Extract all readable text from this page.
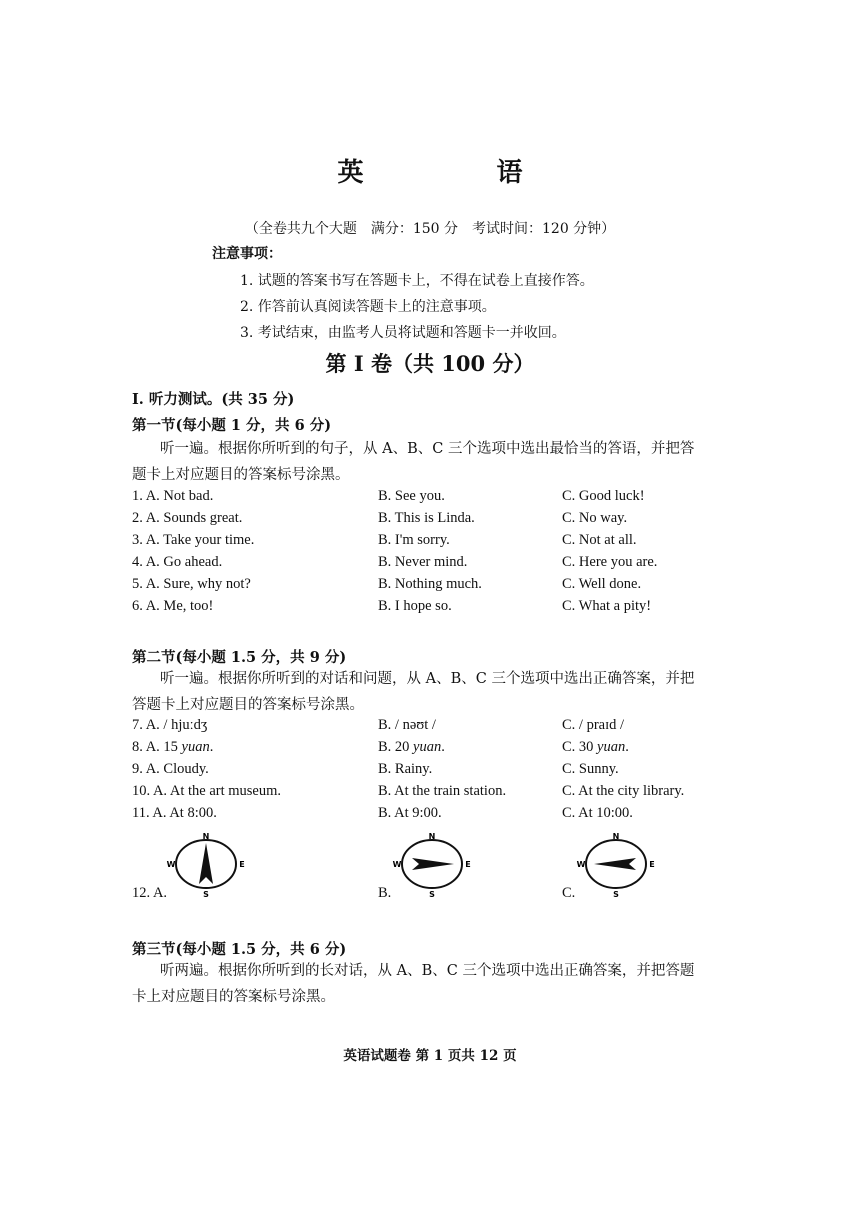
英 语
（全卷共九个大题　满分：150 分　考试时间：120 分钟）
注意事项：
1. 试题的答案书写在答题卡上，不得在试卷上直接作答。
2. 作答前认真阅读答题卡上的注意事项。
3. 考试结束，由监考人员将试题和答题卡一并收回。
第 I 卷（共 100 分）
I. 听力测试。(共 35 分)
第一节(每小题 1 分，共 6 分)
听一遍。根据你所听到的句子，从 A、B、C 三个选项中选出最恰当的答语，并把答
题卡上对应题目的答案标号涂黑。
1. A. Not bad.	B. See you.	C. Good luck!
2. A. Sounds great.	B. This is Linda.	C. No way.
3. A. Take your time.	B. I'm sorry.	C. Not at all.
4. A. Go ahead.	B. Never mind.	C. Here you are.
5. A. Sure, why not?	B. Nothing much.	C. Well done.
6. A. Me, too!	B. I hope so.	C. What a pity!
第二节(每小题 1.5 分，共 9 分)
听一遍。根据你所听到的对话和问题，从 A、B、C 三个选项中选出正确答案，并把
答题卡上对应题目的答案标号涂黑。
7. A. / hjuːdʒ	B. / nəʊt /	C. / praɪd /
8. A. 15 yuan.	B. 20 yuan.	C. 30 yuan.
9. A. Cloudy.	B. Rainy.	C. Sunny.
10. A. At the art museum.	B. At the train station.	C. At the city library.
11. A. At 8:00.	B. At 9:00.	C. At 10:00.
12. A.	B.	C.
N
S
E
W
N
S
E
W
N
S
E
W
第三节(每小题 1.5 分，共 6 分)
听两遍。根据你所听到的长对话，从 A、B、C 三个选项中选出正确答案，并把答题
卡上对应题目的答案标号涂黑。
英语试题卷 第 1 页共 12 页
